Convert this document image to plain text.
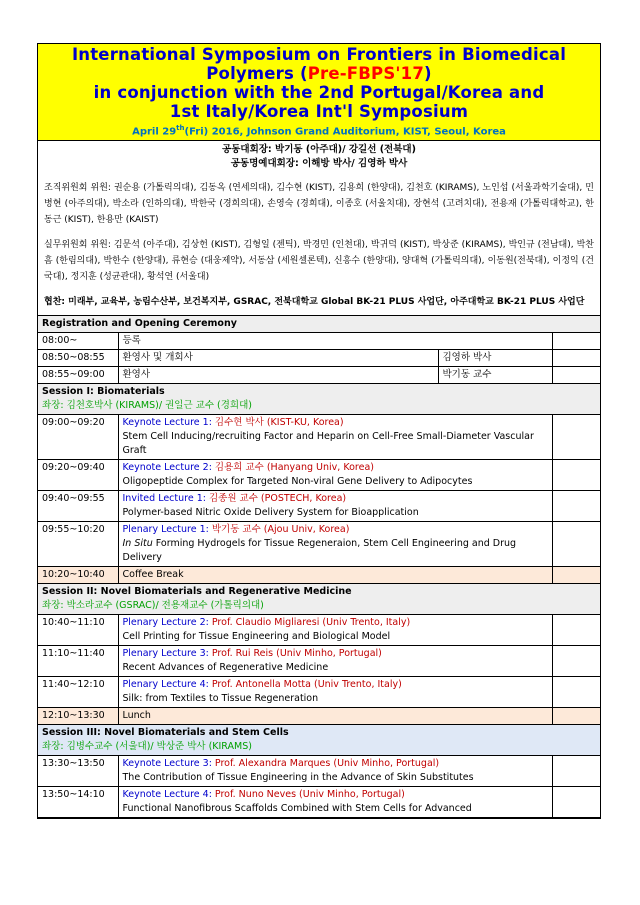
International Symposium on Frontiers in Biomedical
Polymers (Pre-FBPS'17)
in conjunction with the 2nd Portugal/Korea and
1st Italy/Korea Int'l Symposium
April 29th(Fri) 2016, Johnson Grand Auditorium, KIST, Seoul, Korea

공동대회장: 박기동 (아주대)/ 강길선 (전북대)

공동명예대회장: 이해방 박사/ 김영하 박사

조직위원회 위원: 권순용 (가톨릭의대), 김동옥 (연세의대), 김수현 (KIST), 김용희 (한양대), 김천호 (KIRAMS), 노인섭 (서울과학기술대), 민병현 (아주의대), 박소라 (인하의대), 박한국 (경희의대), 손영숙 (경희대), 이종호 (서울치대), 장현석 (고려치대), 전용재 (가톨릭대학교), 한동근 (KIST), 한용만 (KAIST)

실무위원회 위원: 김문석 (아주대), 김상헌 (KIST), 김형일 (젠틱), 박경민 (인천대), 박귀덕 (KIST), 박상준 (KIRAMS), 박인규 (전남대), 박찬흠 (한림의대), 박한수 (한양대), 류현승 (대웅제약), 서동삼 (세원셀론텍), 신흥수 (한양대), 양대혁 (가톨릭의대), 이동원(전북대), 이정익 (건국대), 정지훈 (성균관대), 황석연 (서울대)

협찬: 미래부, 교육부, 농림수산부, 보건복지부, GSRAC, 전북대학교 Global BK-21 PLUS 사업단, 아주대학교 BK-21 PLUS 사업단

Registration and Opening Ceremony			
08:00~	등록		
08:50~08:55	환영사 및 개회사	김영하 박사	
08:55~09:00	환영사	박기동 교수	

Session I: Biomaterials
좌장: 김천호박사 (KIRAMS)/ 권일근 교수 (경희대)			

09:00~09:20	Keynote Lecture 1: 김수현 박사 (KIST-KU, Korea)
Stem Cell Inducing/recruiting Factor and Heparin on Cell-Free Small-Diameter Vascular Graft		

09:20~09:40	Keynote Lecture 2: 김용희 교수 (Hanyang Univ, Korea)
Oligopeptide Complex for Targeted Non-viral Gene Delivery to Adipocytes		

09:40~09:55	Invited Lecture 1: 김종원 교수 (POSTECH, Korea)
Polymer-based Nitric Oxide Delivery System for Bioapplication		

09:55~10:20	Plenary Lecture 1: 박기동 교수 (Ajou Univ, Korea)
In Situ Forming Hydrogels for Tissue Regeneraion, Stem Cell Engineering and Drug Delivery		

10:20~10:40	Coffee Break		

Session II: Novel Biomaterials and Regenerative Medicine
좌장: 박소라교수 (GSRAC)/ 전용재교수 (가톨릭의대)			

10:40~11:10	Plenary Lecture 2: Prof. Claudio Migliaresi (Univ Trento, Italy)
Cell Printing for Tissue Engineering and Biological Model		

11:10~11:40	Plenary Lecture 3: Prof. Rui Reis (Univ Minho, Portugal)
Recent Advances of Regenerative Medicine		

11:40~12:10	Plenary Lecture 4: Prof. Antonella Motta (Univ Trento, Italy)
Silk: from Textiles to Tissue Regeneration		

12:10~13:30	Lunch		

Session III: Novel Biomaterials and Stem Cells
좌장: 김병수교수 (서울대)/ 박상준 박사 (KIRAMS)			

13:30~13:50	Keynote Lecture 3: Prof. Alexandra Marques (Univ Minho, Portugal)
The Contribution of Tissue Engineering in the Advance of Skin Substitutes		

13:50~14:10	Keynote Lecture 4: Prof. Nuno Neves (Univ Minho, Portugal)
Functional Nanofibrous Scaffolds Combined with Stem Cells for Advanced		
